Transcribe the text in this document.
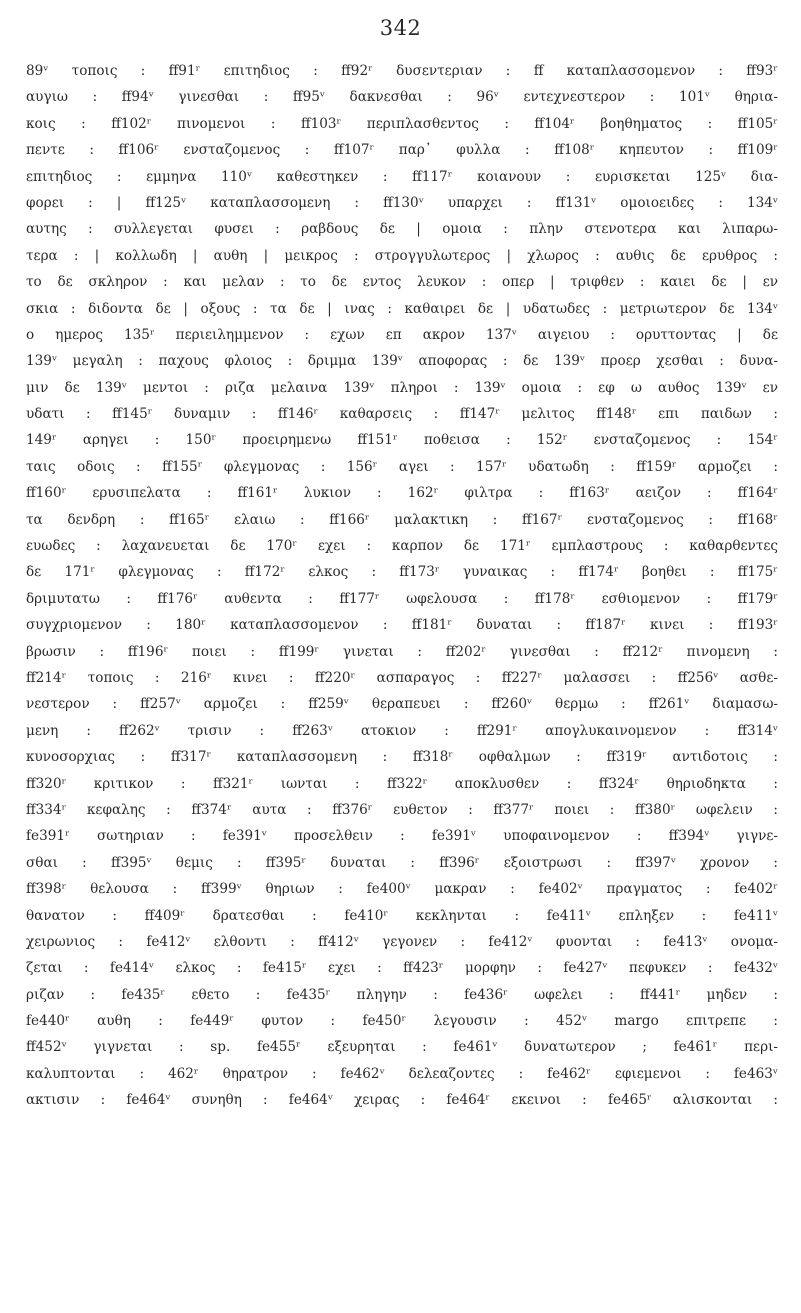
342
89ᵛ τοποις : ff91ʳ επιτηδιος : ff92ʳ δυσεντεριαν : ff καταπλασσομενον : ff93ʳ
αυγιω : ff94ᵛ γινεσθαι : ff95ᵛ δακνεσθαι : 96ᵛ εντεχνεστερον : 101ᵛ θηρια-
κοις : ff102ʳ πινομενοι : ff103ʳ περιπλασθεντος : ff104ʳ βοηθηματος : ff105ʳ
πεντε : ff106ʳ ενσταζομενος : ff107ʳ παρ᾽ φυλλα : ff108ʳ κηπευτον : ff109ʳ
επιτηδιος : εμμηνα 110ᵛ καθεστηκεν : ff117ʳ κοιανουν : ευρισκεται 125ᵛ δια-
φορει : | ff125ᵛ καταπλασσομενη : ff130ᵛ υπαρχει : ff131ᵛ ομοιοειδες : 134ᵛ
αυτης : συλλεγεται φυσει : ραβδους δε | ομοια : πλην στενοτερα και λιπαρω-
τερα : | κολλωδη | αυθη | μεικρος : στρογγυλωτερος | χλωρος : αυθις δε ερυθρος :
το δε σκληρον : και μελαν : το δε εντος λευκον : οπερ | τριφθεν : καιει δε | εν
σκια : διδοντα δε | οξους : τα δε | ινας : καθαιρει δε | υδατωδες : μετριωτερον δε 134ᵛ
ο ημερος 135ʳ περιειλημμενον : εχων επ ακρον 137ᵛ αιγειου : ορυττοντας | δε
139ᵛ μεγαλη : παχους φλοιος : δριμμα 139ᵛ αποφορας : δε 139ᵛ προερ χεσθαι : δυνα-
μιν δε 139ᵛ μεντοι : ριζα μελαινα 139ᵛ πληροι : 139ᵛ ομοια : εφ ω αυθος 139ᵛ εν
υδατι : ff145ʳ δυναμιν : ff146ʳ καθαρσεις : ff147ʳ μελιτος ff148ʳ επι παιδων :
149ʳ αρηγει : 150ʳ προειρημενω ff151ʳ ποθεισα : 152ʳ ενσταζομενος : 154ʳ
ταις οδοις : ff155ʳ φλεγμονας : 156ʳ αγει : 157ʳ υδατωδη : ff159ʳ αρμοζει :
ff160ʳ ερυσιπελατα : ff161ʳ λυκιον : 162ʳ φιλτρα : ff163ʳ αειζον : ff164ʳ
τα δενδρη : ff165ʳ ελαιω : ff166ʳ μαλακτικη : ff167ʳ ενσταζομενος : ff168ʳ
ευωδες : λαχανευεται δε 170ʳ εχει : καρπον δε 171ʳ εμπλαστρους : καθαρθεντες
δε 171ʳ φλεγμονας : ff172ʳ ελκος : ff173ʳ γυναικας : ff174ʳ βοηθει : ff175ʳ
δριμυτατω : ff176ʳ αυθεντα : ff177ʳ ωφελουσα : ff178ʳ εσθιομενον : ff179ʳ
συγχριομενον : 180ʳ καταπλασσομενον : ff181ʳ δυναται : ff187ʳ κινει : ff193ʳ
βρωσιν : ff196ʳ ποιει : ff199ʳ γινεται : ff202ʳ γινεσθαι : ff212ʳ πινομενη :
ff214ʳ τοποις : 216ʳ κινει : ff220ʳ ασπαραγος : ff227ʳ μαλασσει : ff256ᵛ ασθε-
νεστερον : ff257ᵛ αρμοζει : ff259ᵛ θεραπευει : ff260ᵛ θερμω : ff261ᵛ διαμασω-
μενη : ff262ᵛ τρισιν : ff263ᵛ ατοκιον : ff291ʳ απογλυκαινομενον : ff314ᵛ
κυνοσορχιας : ff317ʳ καταπλασσομενη : ff318ʳ οφθαλμων : ff319ʳ αντιδοτοις :
ff320ʳ κριτικον : ff321ʳ ιωνται : ff322ʳ αποκλυσθεν : ff324ʳ θηριοδηκτα :
ff334ʳ κεφαλης : ff374ʳ αυτα : ff376ʳ ευθετον : ff377ʳ ποιει : ff380ʳ ωφελειν :
fe391ʳ σωτηριαν : fe391ᵛ προσελθειν : fe391ᵛ υποφαινομενον : ff394ᵛ γιγνε-
σθαι : ff395ᵛ θεμις : ff395ʳ δυναται : ff396ʳ εξοιστρωσι : ff397ᵛ χρονον :
ff398ʳ θελουσα : ff399ᵛ θηριων : fe400ᵛ μακραν : fe402ᵛ πραγματος : fe402ʳ
θανατον : ff409ʳ δρατεσθαι : fe410ʳ κεκληνται : fe411ᵛ επληξεν : fe411ᵛ
χειρωνιος : fe412ᵛ ελθοντι : ff412ᵛ γεγονεν : fe412ᵛ φυονται : fe413ᵛ ονομα-
ζεται : fe414ᵛ ελκος : fe415ʳ εχει : ff423ʳ μορφην : fe427ᵛ πεφυκεν : fe432ᵛ
ριζαν : fe435ʳ εθετο : fe435ʳ πληγην : fe436ʳ ωφελει : ff441ʳ μηδεν :
fe440ʳ αυθη : fe449ʳ φυτον : fe450ʳ λεγουσιν : 452ᵛ margo επιτρεπε :
ff452ᵛ γιγνεται : sp. fe455ʳ εξευρηται : fe461ᵛ δυνατωτερον ; fe461ʳ περι-
καλυπτονται : 462ʳ θηρατρον : fe462ᵛ δελεαζοντες : fe462ʳ εφιεμενοι : fe463ᵛ
ακτισιν : fe464ᵛ συνηθη : fe464ᵛ χειρας : fe464ʳ εκεινοι : fe465ʳ αλισκονται :
